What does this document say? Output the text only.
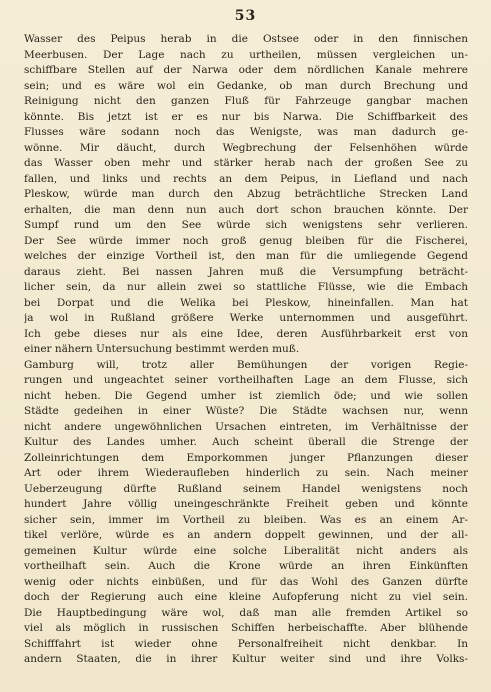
53
Wasser des Peipus herab in die Ostsee oder in den finnischen
Meerbusen. Der Lage nach zu urtheilen, müssen vergleichen un-
schiffbare Stellen auf der Narwa oder dem nördlichen Kanale mehrere
sein; und es wäre wol ein Gedanke, ob man durch Brechung und
Reinigung nicht den ganzen Fluß für Fahrzeuge gangbar machen
könnte. Bis jetzt ist er es nur bis Narwa. Die Schiffbarkeit des
Flusses wäre sodann noch das Wenigste, was man dadurch ge-
wönne. Mir däucht, durch Wegbrechung der Felsenhöhen würde
das Wasser oben mehr und stärker herab nach der großen See zu
fallen, und links und rechts an dem Peipus, in Liefland und nach
Pleskow, würde man durch den Abzug beträchtliche Strecken Land
erhalten, die man denn nun auch dort schon brauchen könnte. Der
Sumpf rund um den See würde sich wenigstens sehr verlieren.
Der See würde immer noch groß genug bleiben für die Fischerei,
welches der einzige Vortheil ist, den man für die umliegende Gegend
daraus zieht. Bei nassen Jahren muß die Versumpfung beträcht-
licher sein, da nur allein zwei so stattliche Flüsse, wie die Embach
bei Dorpat und die Welika bei Pleskow, hineinfallen. Man hat
ja wol in Rußland größere Werke unternommen und ausgeführt.
Ich gebe dieses nur als eine Idee, deren Ausführbarkeit erst von
einer nähern Untersuchung bestimmt werden muß.
Gamburg will, trotz aller Bemühungen der vorigen Regie-
rungen und ungeachtet seiner vortheilhaften Lage an dem Flusse, sich
nicht heben. Die Gegend umher ist ziemlich öde; und wie sollen
Städte gedeihen in einer Wüste? Die Städte wachsen nur, wenn
nicht andere ungewöhnlichen Ursachen eintreten, im Verhältnisse der
Kultur des Landes umher. Auch scheint überall die Strenge der
Zolleinrichtungen dem Emporkommen junger Pflanzungen dieser
Art oder ihrem Wiederaufleben hinderlich zu sein. Nach meiner
Ueberzeugung dürfte Rußland seinem Handel wenigstens noch
hundert Jahre völlig uneingeschränkte Freiheit geben und könnte
sicher sein, immer im Vortheil zu bleiben. Was es an einem Ar-
tikel verlöre, würde es an andern doppelt gewinnen, und der all-
gemeinen Kultur würde eine solche Liberalität nicht anders als
vortheilhaft sein. Auch die Krone würde an ihren Einkünften
wenig oder nichts einbüßen, und für das Wohl des Ganzen dürfte
doch der Regierung auch eine kleine Aufopferung nicht zu viel sein.
Die Hauptbedingung wäre wol, daß man alle fremden Artikel so
viel als möglich in russischen Schiffen herbeischaffte. Aber blühende
Schifffahrt ist wieder ohne Personalfreiheit nicht denkbar. In
andern Staaten, die in ihrer Kultur weiter sind und ihre Volks-
